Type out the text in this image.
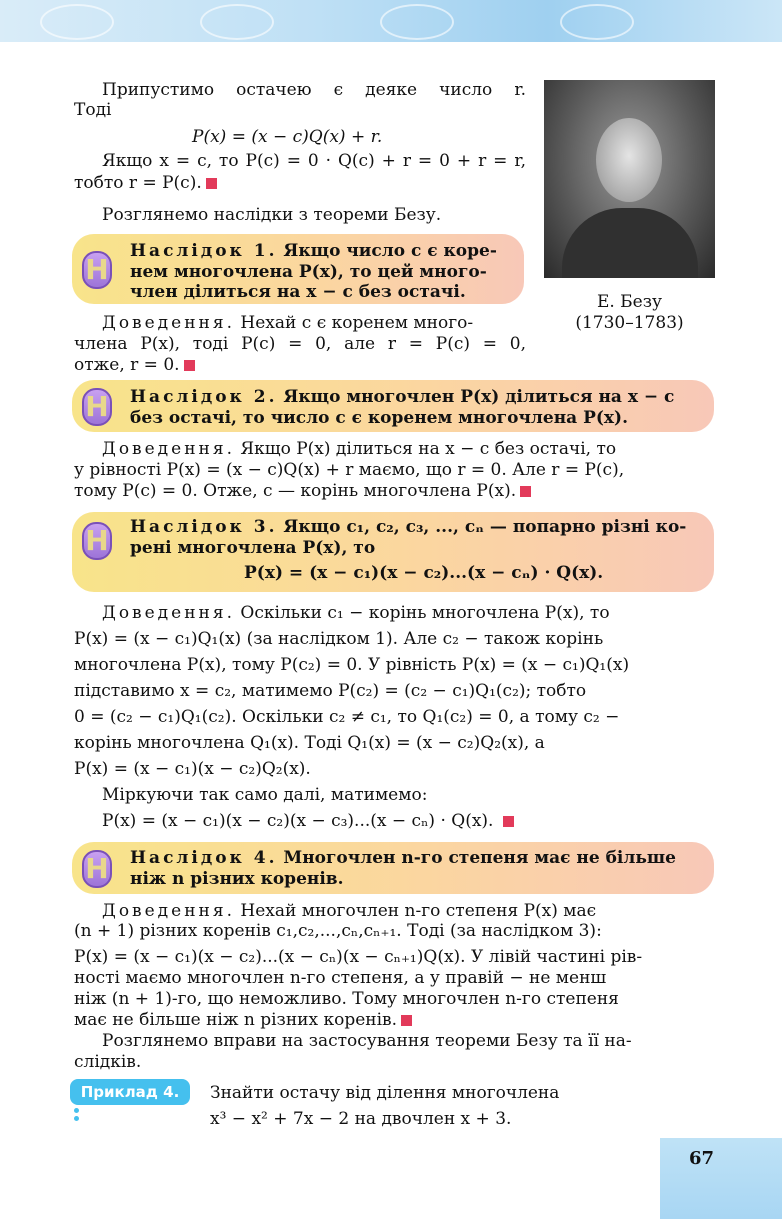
Припустимо остачею є деяке число r.
Тоді
P(x) = (x − c)Q(x) + r.
Якщо x = c, то P(c) = 0 · Q(c) + r = 0 + r = r,
тобто r = P(c).
Розглянемо наслідки з теореми Безу.
Е. Безу
(1730–1783)
Н
Наслідок 1. Якщо число c є коре-
нем многочлена P(x), то цей много-
член ділиться на x − c без остачі.
Доведення. Нехай c є коренем много-
члена P(x), тоді P(c) = 0, але r = P(c) = 0,
отже, r = 0.
Н Наслідок 2. Якщо многочлен P(x) ділиться на x − c
без остачі, то число c є коренем многочлена P(x).
Доведення. Якщо P(x) ділиться на x − c без остачі, то
у рівності P(x) = (x − c)Q(x) + r маємо, що r = 0. Але r = P(c),
тому P(c) = 0. Отже, c — корінь многочлена P(x).
Н Наслідок 3. Якщо c₁, c₂, c₃, ..., cₙ — попарно різні ко-
рені многочлена P(x), то
P(x) = (x − c₁)(x − c₂)...(x − cₙ) · Q(x).
Доведення. Оскільки c₁ − корінь многочлена P(x), то
P(x) = (x − c₁)Q₁(x) (за наслідком 1). Але c₂ − також корінь
многочлена P(x), тому P(c₂) = 0. У рівність P(x) = (x − c₁)Q₁(x)
підставимо x = c₂, матимемо P(c₂) = (c₂ − c₁)Q₁(c₂); тобто
0 = (c₂ − c₁)Q₁(c₂). Оскільки c₂ ≠ c₁, то Q₁(c₂) = 0, а тому c₂ −
корінь многочлена Q₁(x). Тоді Q₁(x) = (x − c₂)Q₂(x), а
P(x) = (x − c₁)(x − c₂)Q₂(x).
Міркуючи так само далі, матимемо:
P(x) = (x − c₁)(x − c₂)(x − c₃)...(x − cₙ) · Q(x).
Н Наслідок 4. Многочлен n-го степеня має не більше
ніж n різних коренів.
Доведення. Нехай многочлен n-го степеня P(x) має
(n + 1) різних коренів c₁,c₂,...,cₙ,cₙ₊₁. Тоді (за наслідком 3):
P(x) = (x − c₁)(x − c₂)...(x − cₙ)(x − cₙ₊₁)Q(x). У лівій частині рів-
ності маємо многочлен n-го степеня, а у правій − не менш
ніж (n + 1)-го, що неможливо. Тому многочлен n-го степеня
має не більше ніж n різних коренів.
Розглянемо вправи на застосування теореми Безу та її на-
слідків.
Приклад 4.	Знайти остачу від ділення многочлена
x³ − x² + 7x − 2 на двочлен x + 3.
67
